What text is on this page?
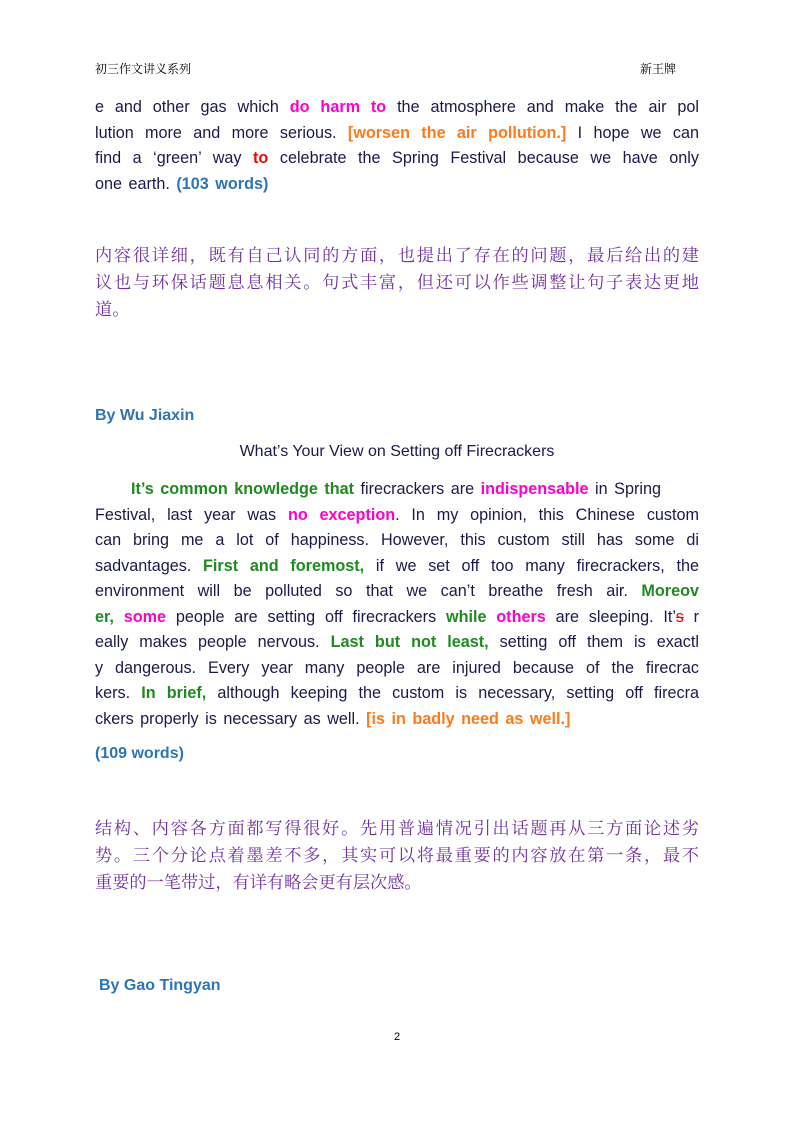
初三作文讲义系列	新王牌
e and other gas which do harm to the atmosphere and make the air pol
lution more and more serious. [worsen the air pollution.] I hope we can
find a ‘green’ way to celebrate the Spring Festival because we have only
one earth. (103 words)
内容很详细，既有自己认同的方面，也提出了存在的问题，最后给出的建
议也与环保话题息息相关。句式丰富，但还可以作些调整让句子表达更地
道。
By Wu Jiaxin
What’s Your View on Setting off Firecrackers
It’s common knowledge that firecrackers are indispensable in Spring
Festival, last year was no exception. In my opinion, this Chinese custom
can bring me a lot of happiness. However, this custom still has some di
sadvantages. First and foremost, if we set off too many firecrackers, the
environment will be polluted so that we can’t breathe fresh air. Moreov
er, some people are setting off firecrackers while others are sleeping. It’s r
eally makes people nervous. Last but not least, setting off them is exactl
y dangerous. Every year many people are injured because of the firecrac
kers. In brief, although keeping the custom is necessary, setting off firecra
ckers properly is necessary as well. [is in badly need as well.]
(109 words)
结构、内容各方面都写得很好。先用普遍情况引出话题再从三方面论述劣
势。三个分论点着墨差不多，其实可以将最重要的内容放在第一条，最不
重要的一笔带过，有详有略会更有层次感。
By Gao Tingyan
2
